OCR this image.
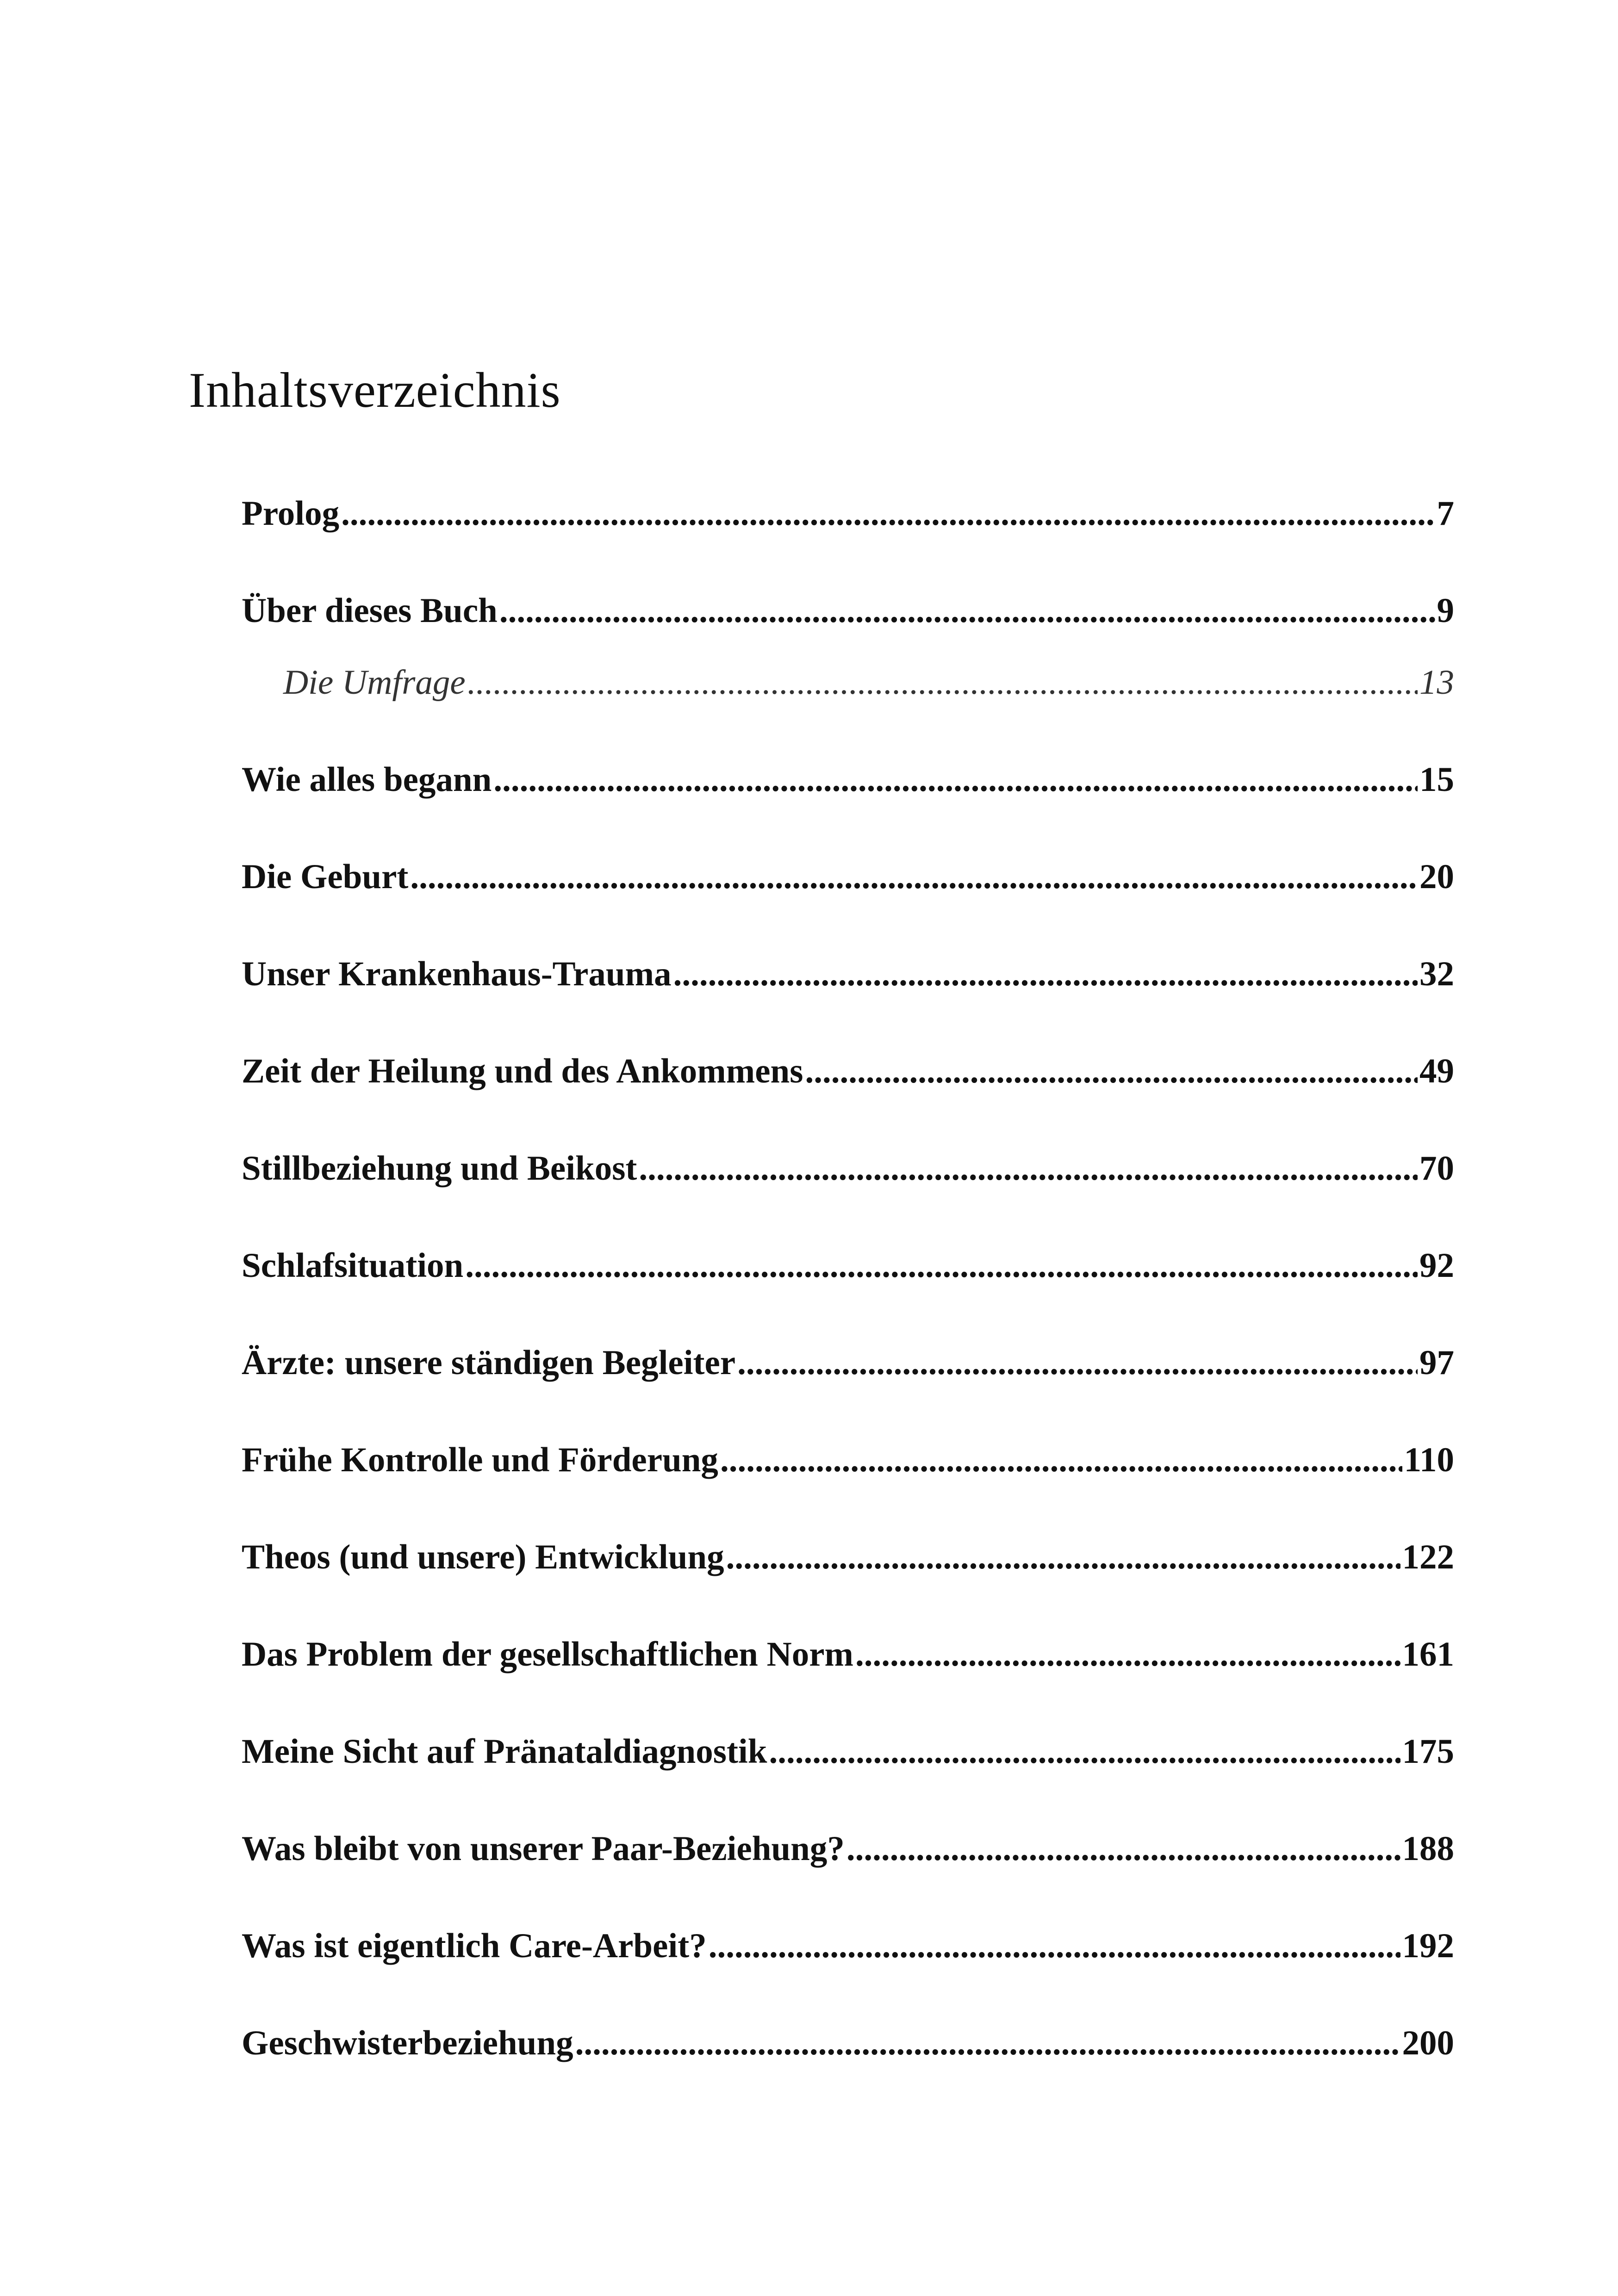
Inhaltsverzeichnis
Prolog .....	7
Über dieses Buch .....	9
Die Umfrage .....	13
Wie alles begann .....	15
Die Geburt .....	20
Unser Krankenhaus-Trauma .....	32
Zeit der Heilung und des Ankommens .....	49
Stillbeziehung und Beikost .....	70
Schlafsituation .....	92
Ärzte: unsere ständigen Begleiter .....	97
Frühe Kontrolle und Förderung .....	110
Theos (und unsere) Entwicklung .....	122
Das Problem der gesellschaftlichen Norm .....	161
Meine Sicht auf Pränataldiagnostik .....	175
Was bleibt von unserer Paar-Beziehung? .....	188
Was ist eigentlich Care-Arbeit? .....	192
Geschwisterbeziehung .....	200
